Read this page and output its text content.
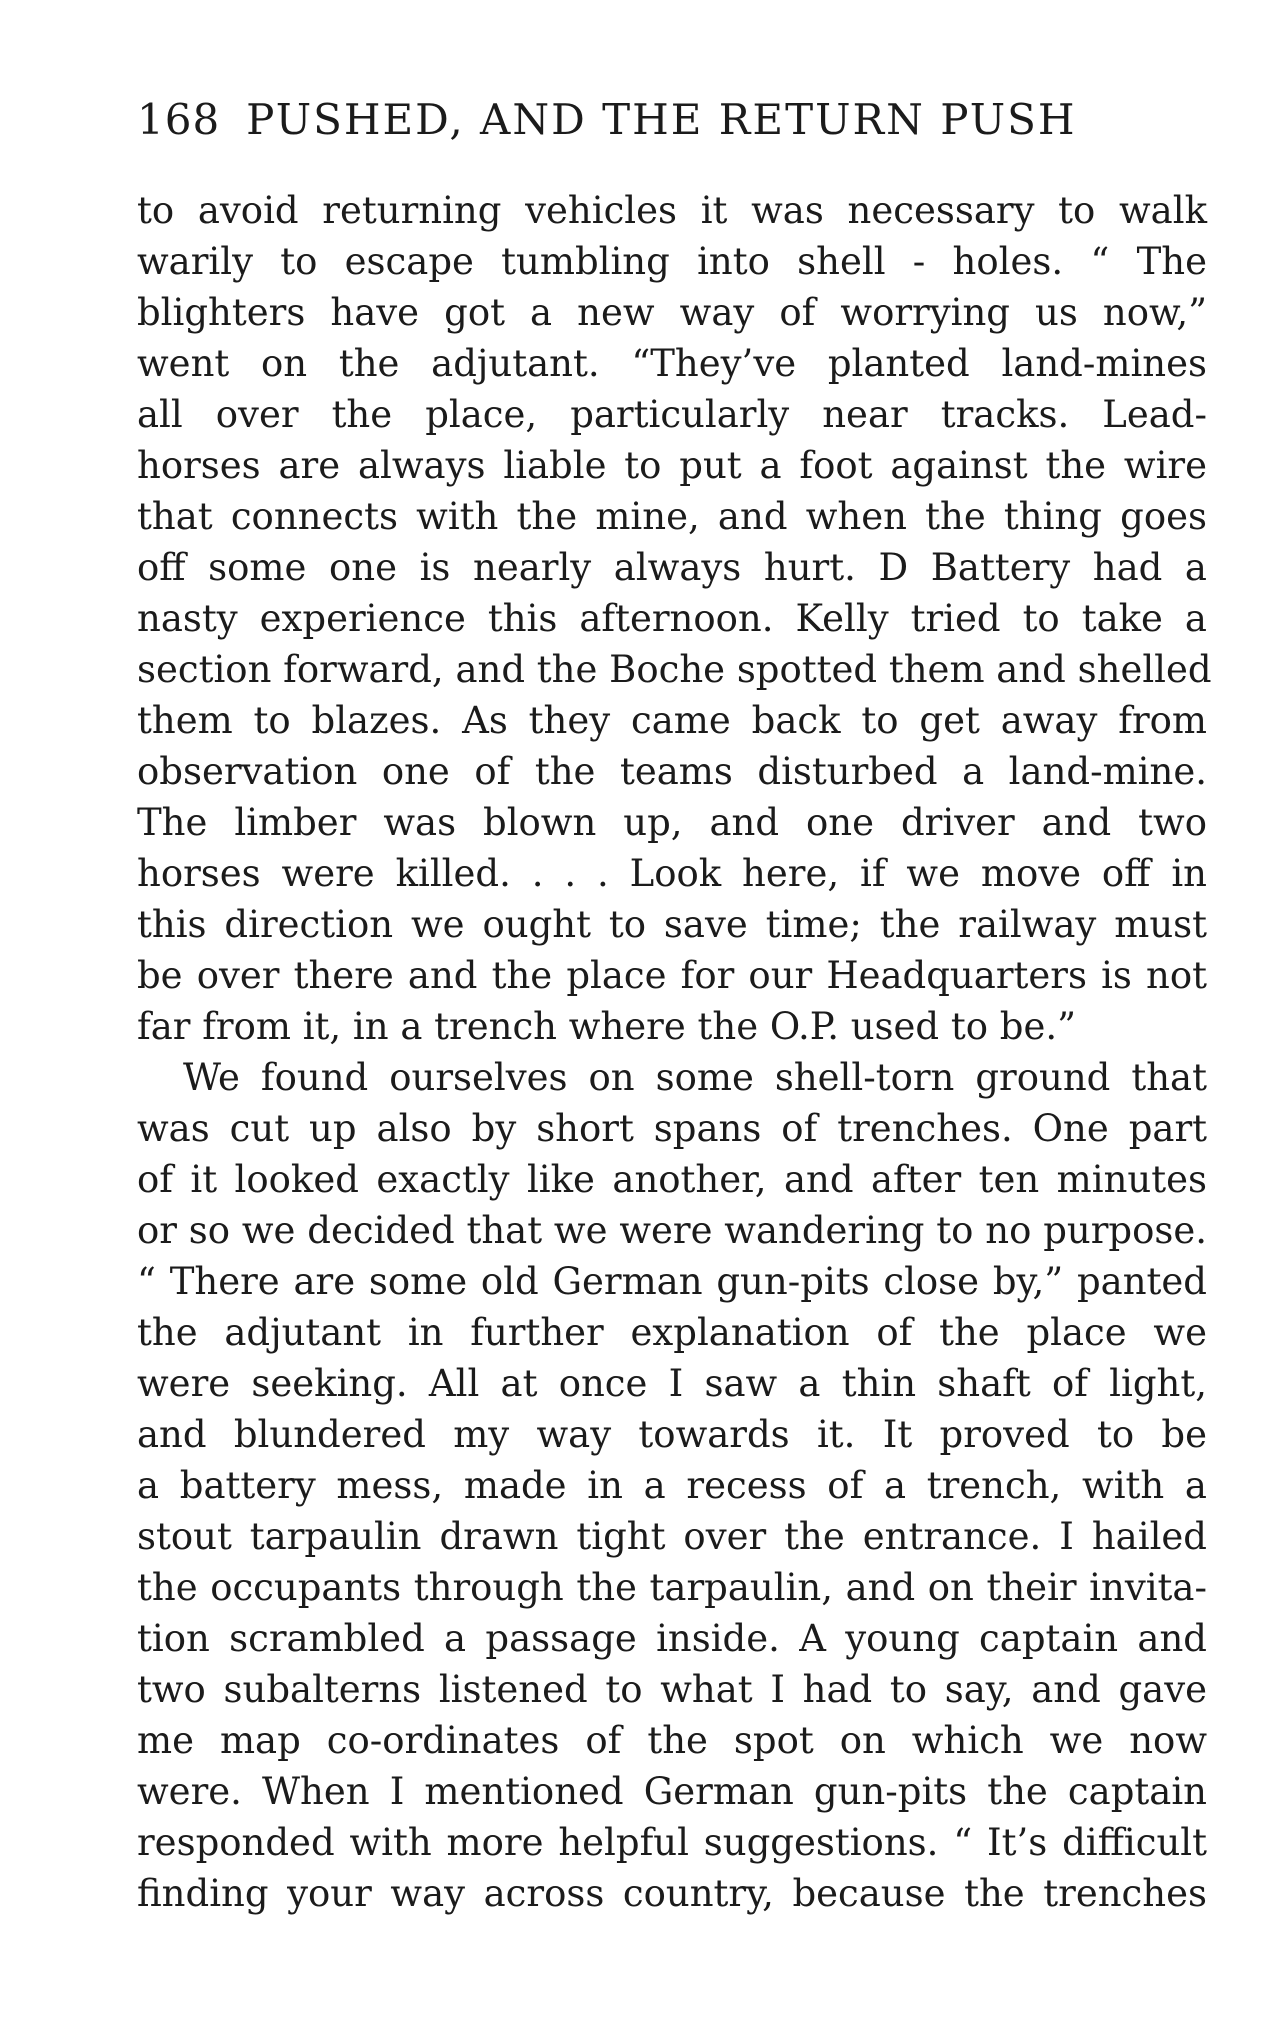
168 PUSHED, AND THE RETURN PUSH
to avoid returning vehicles it was necessary to walk
warily to escape tumbling into shell - holes. “ The
blighters have got a new way of worrying us now,”
went on the adjutant. “They’ve planted land-mines
all over the place, particularly near tracks. Lead-
horses are always liable to put a foot against the wire
that connects with the mine, and when the thing goes
off some one is nearly always hurt. D Battery had a
nasty experience this afternoon. Kelly tried to take a
section forward, and the Boche spotted them and shelled
them to blazes. As they came back to get away from
observation one of the teams disturbed a land-mine.
The limber was blown up, and one driver and two
horses were killed. . . . Look here, if we move off in
this direction we ought to save time; the railway must
be over there and the place for our Headquarters is not
far from it, in a trench where the O.P. used to be.”
We found ourselves on some shell-torn ground that
was cut up also by short spans of trenches. One part
of it looked exactly like another, and after ten minutes
or so we decided that we were wandering to no purpose.
“ There are some old German gun-pits close by,” panted
the adjutant in further explanation of the place we
were seeking. All at once I saw a thin shaft of light,
and blundered my way towards it. It proved to be
a battery mess, made in a recess of a trench, with a
stout tarpaulin drawn tight over the entrance. I hailed
the occupants through the tarpaulin, and on their invita-
tion scrambled a passage inside. A young captain and
two subalterns listened to what I had to say, and gave
me map co-ordinates of the spot on which we now
were. When I mentioned German gun-pits the captain
responded with more helpful suggestions. “ It’s difficult
finding your way across country, because the trenches
